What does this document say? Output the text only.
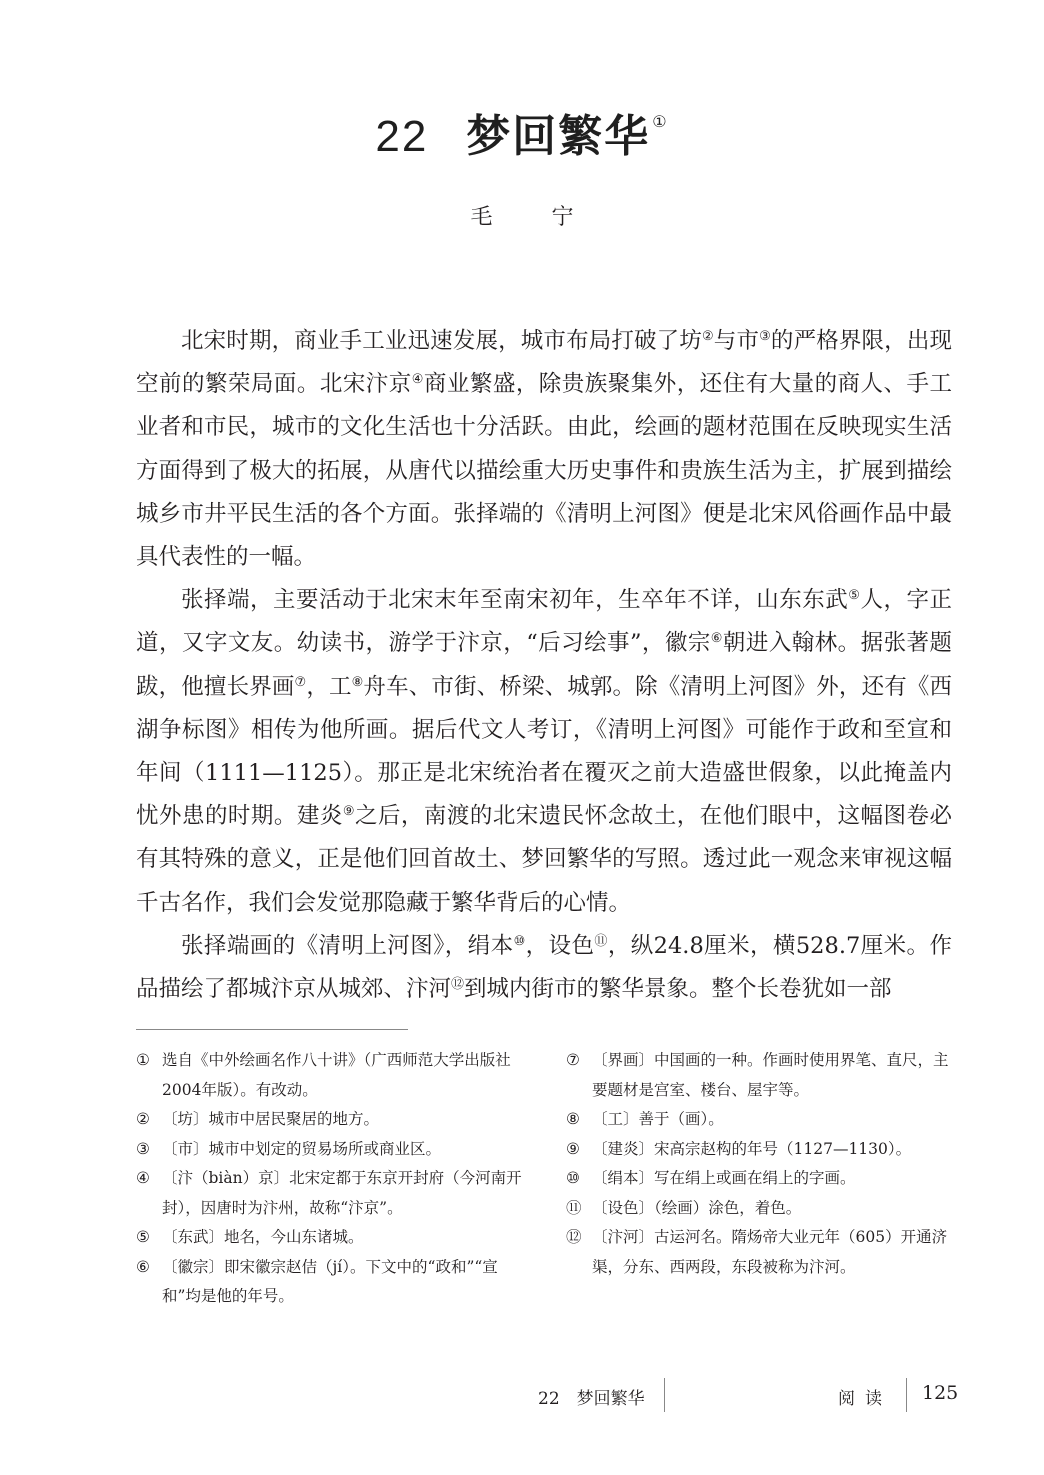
22 梦回繁华 ①
毛 宁

北宋时期，商业手工业迅速发展，城市布局打破了坊②与市③的严格界限，出现空前的繁荣局面。北宋汴京④商业繁盛，除贵族聚集外，还住有大量的商人、手工业者和市民，城市的文化生活也十分活跃。由此，绘画的题材范围在反映现实生活方面得到了极大的拓展，从唐代以描绘重大历史事件和贵族生活为主，扩展到描绘城乡市井平民生活的各个方面。张择端的《清明上河图》便是北宋风俗画作品中最具代表性的一幅。

张择端，主要活动于北宋末年至南宋初年，生卒年不详，山东东武⑤人，字正道，又字文友。幼读书，游学于汴京，“后习绘事”，徽宗⑥朝进入翰林。据张著题跋，他擅长界画⑦，工⑧舟车、市街、桥梁、城郭。除《清明上河图》外，还有《西湖争标图》相传为他所画。据后代文人考订，《清明上河图》可能作于政和至宣和年间（1111—1125）。那正是北宋统治者在覆灭之前大造盛世假象，以此掩盖内忧外患的时期。建炎⑨之后，南渡的北宋遗民怀念故土，在他们眼中，这幅图卷必有其特殊的意义，正是他们回首故土、梦回繁华的写照。透过此一观念来审视这幅千古名作，我们会发觉那隐藏于繁华背后的心情。

张择端画的《清明上河图》，绢本⑩，设色⑪，纵24.8厘米，横528.7厘米。作品描绘了都城汴京从城郊、汴河⑫到城内街市的繁华景象。整个长卷犹如一部

① 选自《中外绘画名作八十讲》（广西师范大学出版社2004年版）。有改动。
② 〔坊〕城市中居民聚居的地方。
③ 〔市〕城市中划定的贸易场所或商业区。
④ 〔汴（biàn）京〕北宋定都于东京开封府（今河南开封），因唐时为汴州，故称“汴京”。
⑤ 〔东武〕地名，今山东诸城。
⑥ 〔徽宗〕即宋徽宗赵佶（jí）。下文中的“政和”“宣和”均是他的年号。
⑦ 〔界画〕中国画的一种。作画时使用界笔、直尺，主要题材是宫室、楼台、屋宇等。
⑧ 〔工〕善于（画）。
⑨ 〔建炎〕宋高宗赵构的年号（1127—1130）。
⑩ 〔绢本〕写在绢上或画在绢上的字画。
⑪ 〔设色〕（绘画）涂色，着色。
⑫ 〔汴河〕古运河名。隋炀帝大业元年（605）开通济渠，分东、西两段，东段被称为汴河。
22　梦回繁华	阅读 125
